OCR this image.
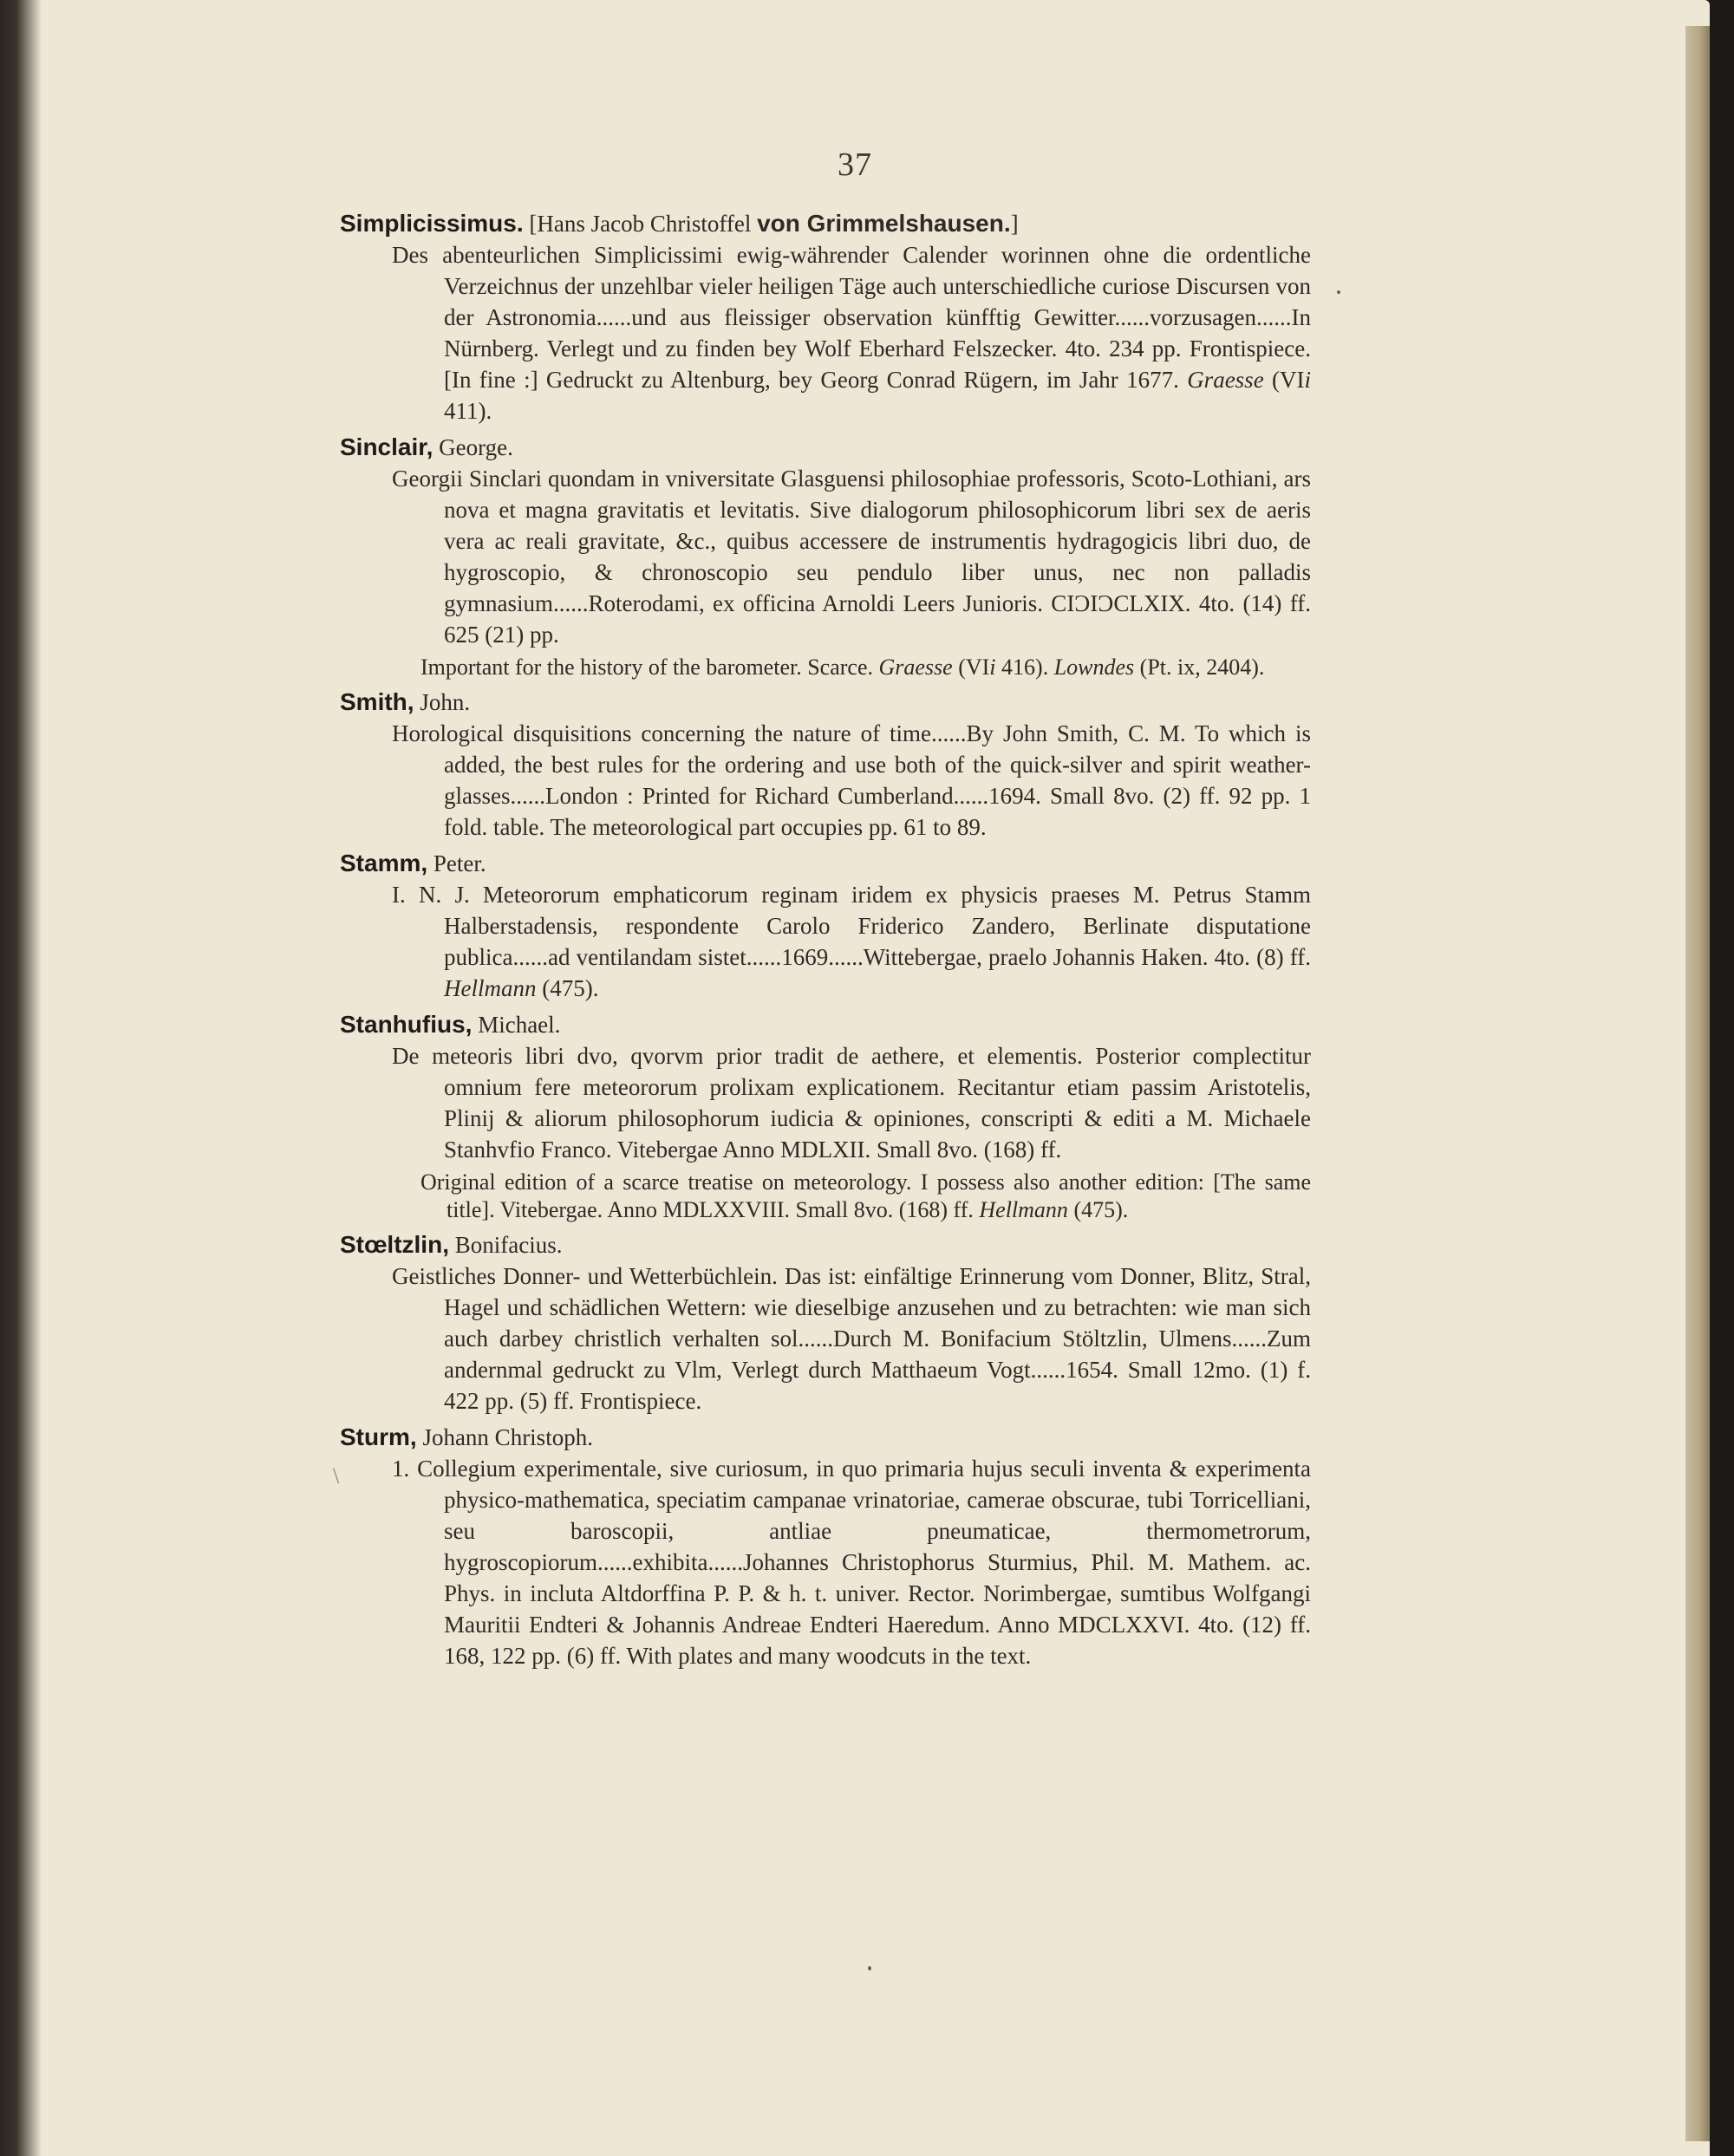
37
\

Simplicissimus. [Hans Jacob Christoffel von Grimmelshausen.]

Des abenteurlichen Simplicissimi ewig-währender Calender worinnen ohne die ordentliche Verzeichnus der unzehlbar vieler heiligen Täge auch unterschiedliche curiose Discursen von der Astronomia......und aus fleissiger observation künfftig Gewitter......vorzusagen......In Nürnberg. Verlegt und zu finden bey Wolf Eberhard Felszecker. 4to. 234 pp. Frontispiece. [In fine :] Gedruckt zu Altenburg, bey Georg Conrad Rügern, im Jahr 1677. Graesse (VIi 411).

Sinclair, George.

Georgii Sinclari quondam in vniversitate Glasguensi philosophiae professoris, Scoto-Lothiani, ars nova et magna gravitatis et levitatis. Sive dialogorum philosophicorum libri sex de aeris vera ac reali gravitate, &c., quibus accessere de instrumentis hydragogicis libri duo, de hygroscopio, & chronoscopio seu pendulo liber unus, nec non palladis gymnasium......Roterodami, ex officina Arnoldi Leers Junioris. CIƆIƆCLXIX. 4to. (14) ff. 625 (21) pp.

Important for the history of the barometer. Scarce. Graesse (VIi 416). Lowndes (Pt. ix, 2404).

Smith, John.

Horological disquisitions concerning the nature of time......By John Smith, C. M. To which is added, the best rules for the ordering and use both of the quick-silver and spirit weather-glasses......London : Printed for Richard Cumberland......1694. Small 8vo. (2) ff. 92 pp. 1 fold. table. The meteorological part occupies pp. 61 to 89.

Stamm, Peter.

I. N. J. Meteororum emphaticorum reginam iridem ex physicis praeses M. Petrus Stamm Halberstadensis, respondente Carolo Friderico Zandero, Berlinate disputatione publica......ad ventilandam sistet......1669......Wittebergae, praelo Johannis Haken. 4to. (8) ff. Hellmann (475).

Stanhufius, Michael.

De meteoris libri dvo, qvorvm prior tradit de aethere, et elementis. Posterior complectitur omnium fere meteororum prolixam explicationem. Recitantur etiam passim Aristotelis, Plinij & aliorum philosophorum iudicia & opiniones, conscripti & editi a M. Michaele Stanhvfio Franco. Vitebergae Anno MDLXII. Small 8vo. (168) ff.

Original edition of a scarce treatise on meteorology. I possess also another edition: [The same title]. Vitebergae. Anno MDLXXVIII. Small 8vo. (168) ff. Hellmann (475).

Stœltzlin, Bonifacius.

Geistliches Donner- und Wetterbüchlein. Das ist: einfältige Erinnerung vom Donner, Blitz, Stral, Hagel und schädlichen Wettern: wie dieselbige anzusehen und zu betrachten: wie man sich auch darbey christlich verhalten sol......Durch M. Bonifacium Stöltzlin, Ulmens......Zum andernmal gedruckt zu Vlm, Verlegt durch Matthaeum Vogt......1654. Small 12mo. (1) f. 422 pp. (5) ff. Frontispiece.

Sturm, Johann Christoph.

1. Collegium experimentale, sive curiosum, in quo primaria hujus seculi inventa & experimenta physico-mathematica, speciatim campanae vrinatoriae, camerae obscurae, tubi Torricelliani, seu baroscopii, antliae pneumaticae, thermometrorum, hygroscopiorum......exhibita......Johannes Christophorus Sturmius, Phil. M. Mathem. ac. Phys. in incluta Altdorffina P. P. & h. t. univer. Rector. Norimbergae, sumtibus Wolfgangi Mauritii Endteri & Johannis Andreae Endteri Haeredum. Anno MDCLXXVI. 4to. (12) ff. 168, 122 pp. (6) ff. With plates and many woodcuts in the text.
